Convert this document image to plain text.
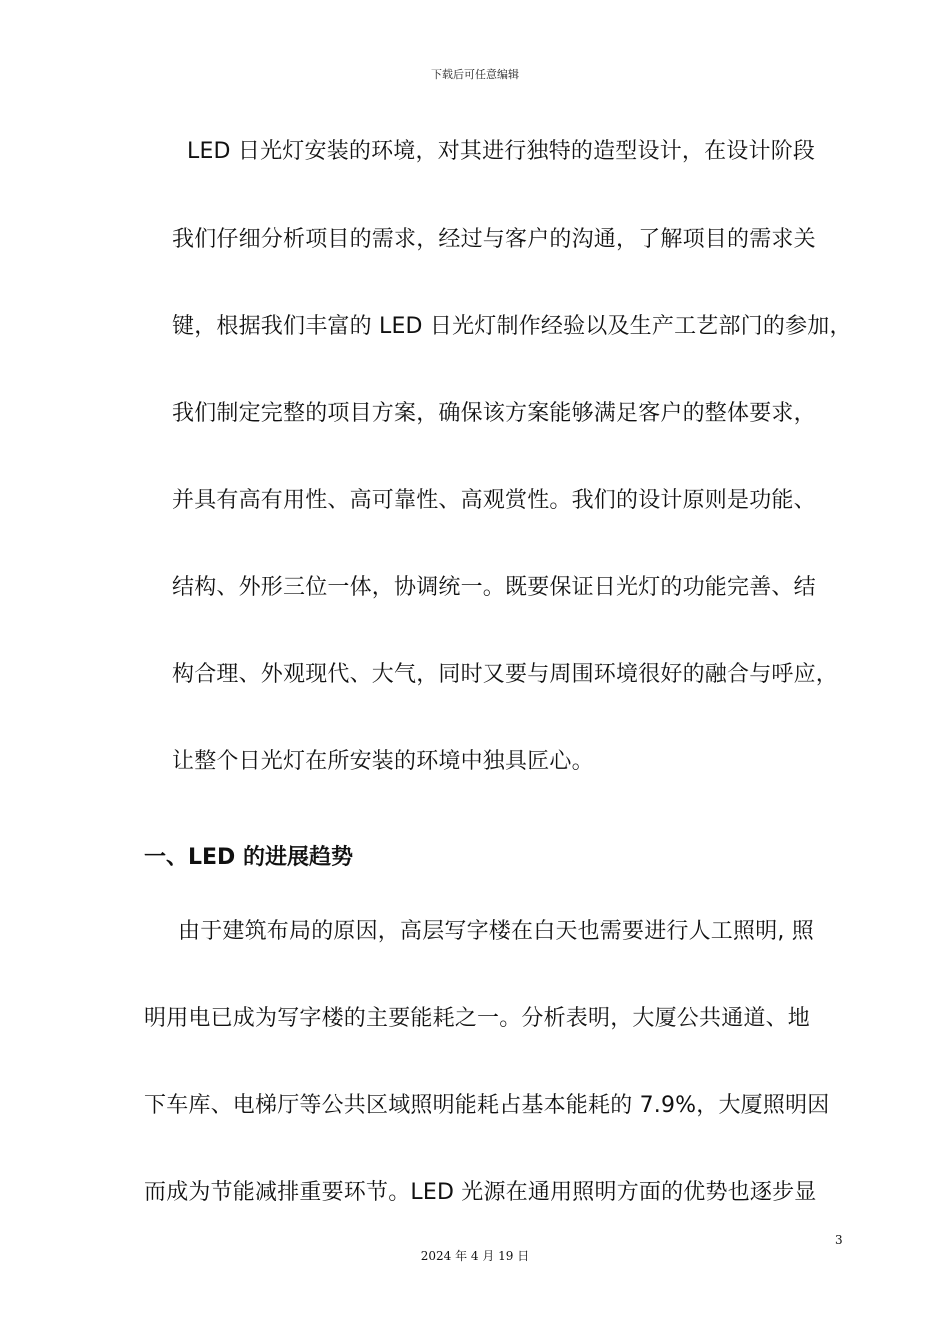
下载后可任意编辑
LED 日光灯安装的环境，对其进行独特的造型设计，在设计阶段
我们仔细分析项目的需求，经过与客户的沟通，了解项目的需求关
键，根据我们丰富的 LED 日光灯制作经验以及生产工艺部门的参加，
我们制定完整的项目方案，确保该方案能够满足客户的整体要求，
并具有高有用性、高可靠性、高观赏性。我们的设计原则是功能、
结构、外形三位一体，协调统一。既要保证日光灯的功能完善、结
构合理、外观现代、大气，同时又要与周围环境很好的融合与呼应，
让整个日光灯在所安装的环境中独具匠心。
一、LED 的进展趋势
由于建筑布局的原因，高层写字楼在白天也需要进行人工照明, 照
明用电已成为写字楼的主要能耗之一。分析表明，大厦公共通道、地
下车库、电梯厅等公共区域照明能耗占基本能耗的 7.9%，大厦照明因
而成为节能减排重要环节。LED 光源在通用照明方面的优势也逐步显
3
2024 年 4 月 19 日
